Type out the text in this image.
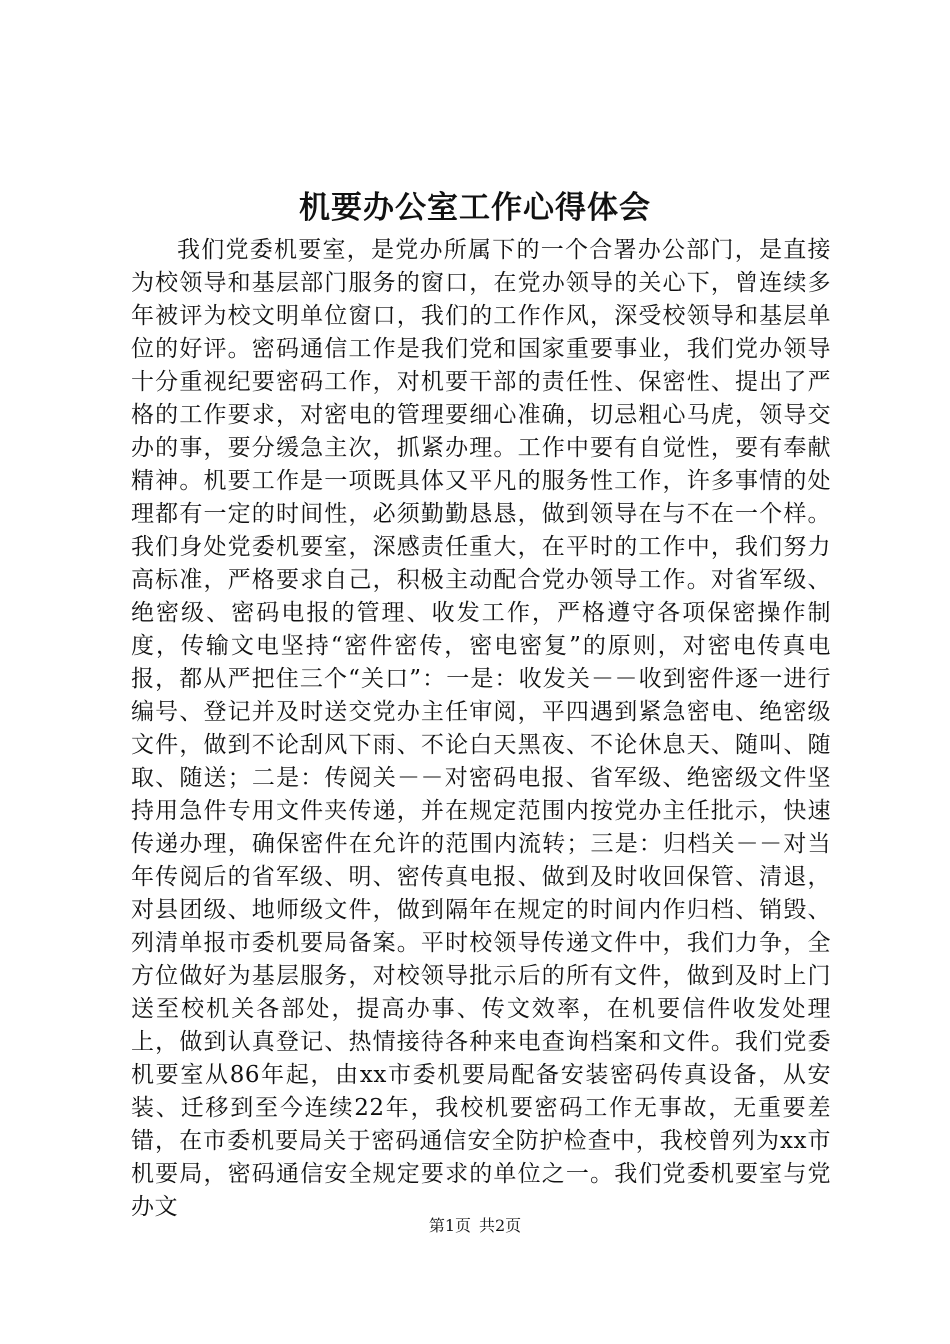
机要办公室工作心得体会

我们党委机要室，是党办所属下的一个合署办公部门，是直接为校领导和基层部门服务的窗口，在党办领导的关心下，曾连续多年被评为校文明单位窗口，我们的工作作风，深受校领导和基层单位的好评。密码通信工作是我们党和国家重要事业，我们党办领导十分重视纪要密码工作，对机要干部的责任性、保密性、提出了严格的工作要求，对密电的管理要细心准确，切忌粗心马虎，领导交办的事，要分缓急主次，抓紧办理。工作中要有自觉性，要有奉献精神。机要工作是一项既具体又平凡的服务性工作，许多事情的处理都有一定的时间性，必须勤勤恳恳，做到领导在与不在一个样。我们身处党委机要室，深感责任重大，在平时的工作中，我们努力高标准，严格要求自己，积极主动配合党办领导工作。对省军级、绝密级、密码电报的管理、收发工作，严格遵守各项保密操作制度，传输文电坚持“密件密传，密电密复”的原则，对密电传真电报，都从严把住三个“关口”：一是：收发关－－收到密件逐一进行编号、登记并及时送交党办主任审阅，平四遇到紧急密电、绝密级文件，做到不论刮风下雨、不论白天黑夜、不论休息天、随叫、随取、随送；二是：传阅关－－对密码电报、省军级、绝密级文件坚持用急件专用文件夹传递，并在规定范围内按党办主任批示，快速传递办理，确保密件在允许的范围内流转；三是：归档关－－对当年传阅后的省军级、明、密传真电报、做到及时收回保管、清退，对县团级、地师级文件，做到隔年在规定的时间内作归档、销毁、列清单报市委机要局备案。平时校领导传递文件中，我们力争，全方位做好为基层服务，对校领导批示后的所有文件，做到及时上门送至校机关各部处，提高办事、传文效率，在机要信件收发处理上，做到认真登记、热情接待各种来电查询档案和文件。我们党委机要室从86年起，由xx市委机要局配备安装密码传真设备，从安装、迁移到至今连续22年，我校机要密码工作无事故，无重要差错，在市委机要局关于密码通信安全防护检查中，我校曾列为xx市机要局，密码通信安全规定要求的单位之一。我们党委机要室与党办文

第1页 共2页
